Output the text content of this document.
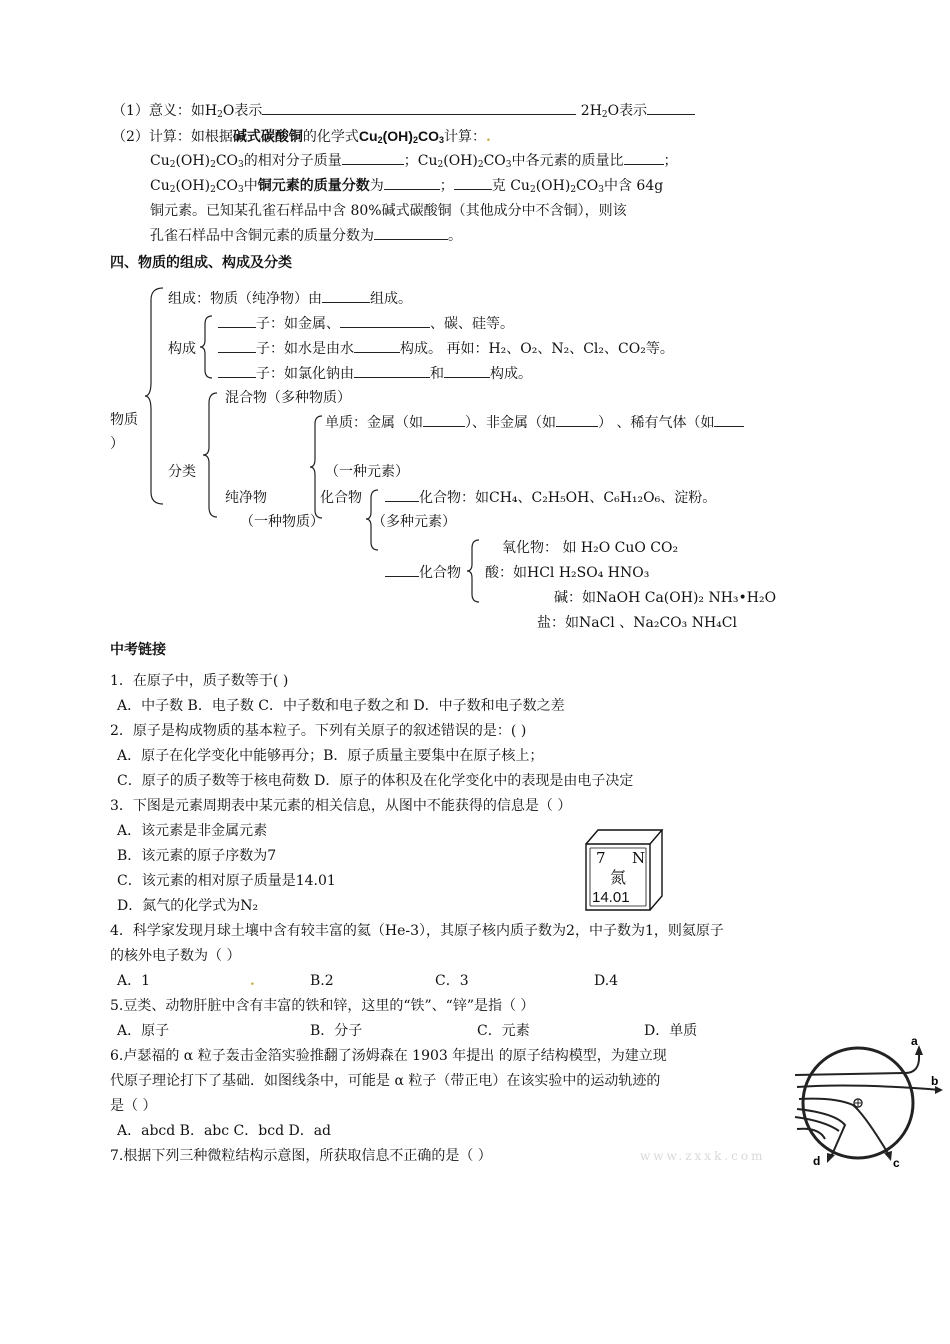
（1）意义：如$H_2O$表示	$2H_2O$表示
（2）计算：如根据碱式碳酸铜的化学式$Cu_2(OH)_2CO_3$计算：.
$Cu_2(OH)_2CO_3$的相对分子质量	；$Cu_2(OH)_2CO_3$中各元素的质量比	；
$Cu_2(OH)_2CO_3$中铜元素的质量分数为	；	克 $Cu_2(OH)_2CO_3$中含 64g
铜元素。已知某孔雀石样品中含 80%碱式碳酸铜（其他成分中不含铜），则该
孔雀石样品中含铜元素的质量分数为	。
四、物质的组成、构成及分类
物质
）
组成：物质（纯净物）由	组成。
构成
子：如金属、	、碳、硅等。
子：如水是由水	构成。 再如：H₂、O₂、N₂、Cl₂、CO₂等。
子：如氯化钠由	和	构成。
分类
混合物（多种物质）
纯净物
（一种物质）
单质：金属（如	）、非金属（如	） 、稀有气体（如
（一种元素）
化合物	化合物：如CH₄、C₂H₅OH、C₆H₁₂O₆、淀粉。
（多种元素）
化合物
氧化物： 如 H₂O CuO CO₂
酸：如HCl H₂SO₄ HNO₃
碱：如NaOH Ca(OH)₂ NH₃•H₂O
盐：如NaCl 、Na₂CO₃ NH₄Cl
中考链接
1．在原子中，质子数等于( )
A．中子数 B．电子数 C．中子数和电子数之和 D．中子数和电子数之差
2．原子是构成物质的基本粒子。下列有关原子的叙述错误的是：( )
A．原子在化学变化中能够再分；B．原子质量主要集中在原子核上；
C．原子的质子数等于核电荷数 D．原子的体积及在化学变化中的表现是由电子决定
3．下图是元素周期表中某元素的相关信息，从图中不能获得的信息是（ ）
A．该元素是非金属元素
B．该元素的原子序数为7
C．该元素的相对原子质量是14.01
D．氮气的化学式为N₂
7 N
氮
14.01
4．科学家发现月球土壤中含有较丰富的氦（He-3），其原子核内质子数为2，中子数为1，则氦原子
的核外电子数为（ ）
A．1	.	B.2	C．3	D.4
5.豆类、动物肝脏中含有丰富的铁和锌，这里的“铁”、“锌”是指（ ）
A．原子	B．分子	C．元素	D．单质
6.卢瑟福的 α 粒子轰击金箔实验推翻了汤姆森在 1903 年提出 的原子结构模型，为建立现
代原子理论打下了基础．如图线条中，可能是 α 粒子（带正电）在该实验中的运动轨迹的
是（ ）
A．abcd B．abc C．bcd D．ad
7.根据下列三种微粒结构示意图，所获取信息不正确的是（ ）	www.zxxk.com
a
b
c
d
